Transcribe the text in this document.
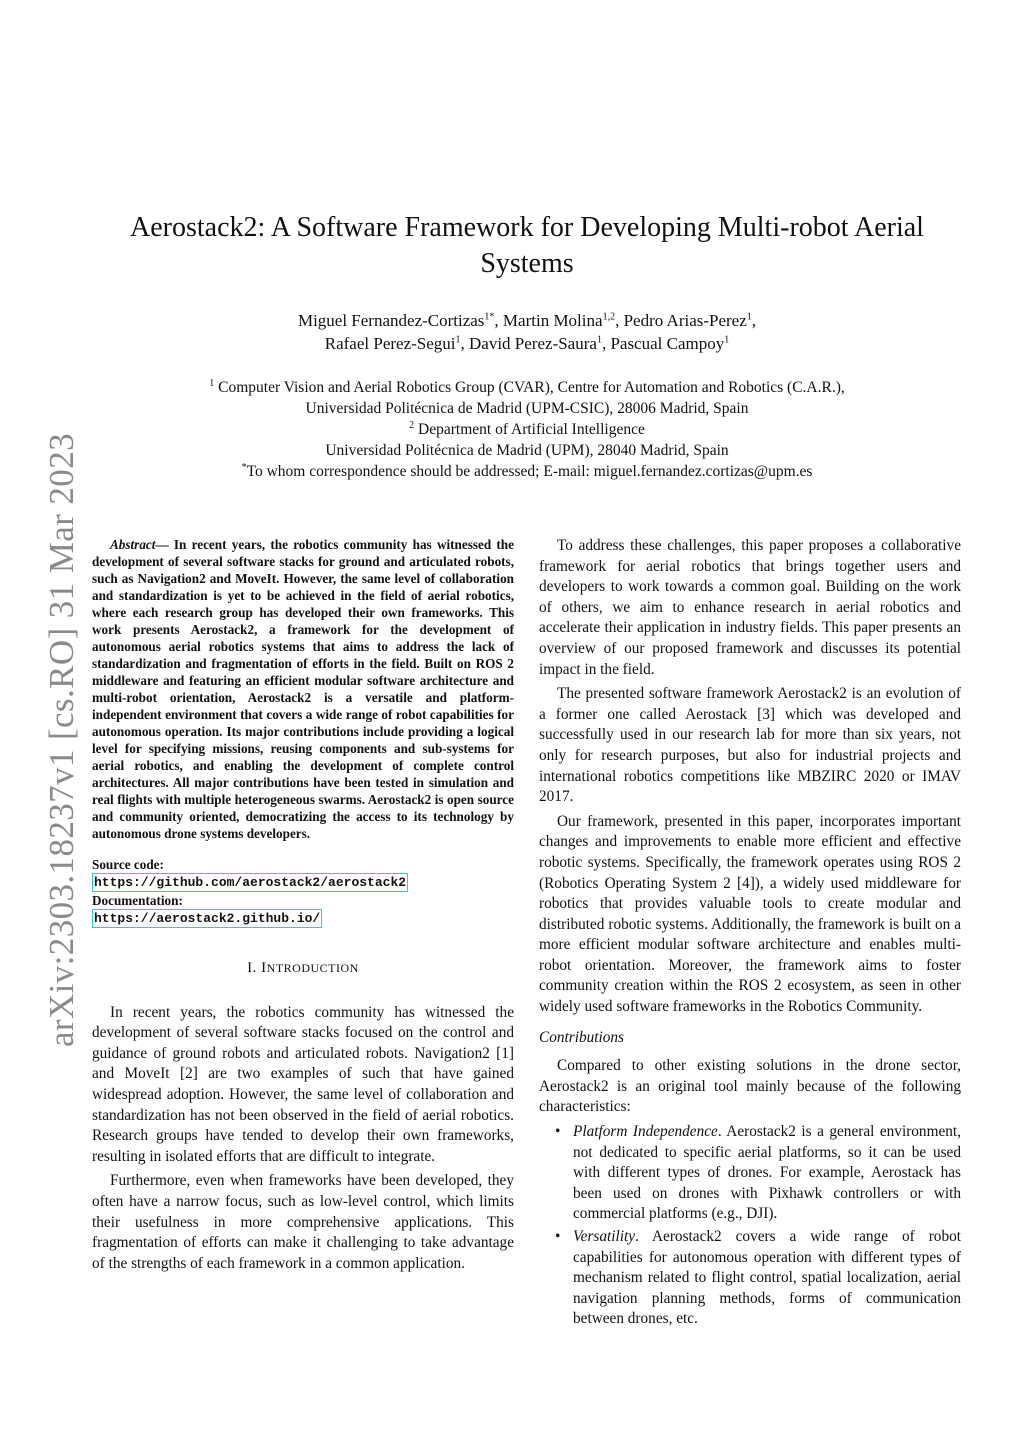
arXiv:2303.18237v1 [cs.RO] 31 Mar 2023
Aerostack2: A Software Framework for Developing Multi-robot Aerial Systems
Miguel Fernandez-Cortizas$^{1*}$, Martin Molina$^{1,2}$, Pedro Arias-Perez$^1$,
Rafael Perez-Segui$^1$, David Perez-Saura$^1$, Pascual Campoy$^1$
$^1$ Computer Vision and Aerial Robotics Group (CVAR), Centre for Automation and Robotics (C.A.R.),
Universidad Politécnica de Madrid (UPM-CSIC), 28006 Madrid, Spain
$^2$ Department of Artificial Intelligence
Universidad Politécnica de Madrid (UPM), 28040 Madrid, Spain
*To whom correspondence should be addressed; E-mail: miguel.fernandez.cortizas@upm.es

Abstract— In recent years, the robotics community has witnessed the development of several software stacks for ground and articulated robots, such as Navigation2 and MoveIt. However, the same level of collaboration and standardization is yet to be achieved in the field of aerial robotics, where each research group has developed their own frameworks. This work presents Aerostack2, a framework for the development of autonomous aerial robotics systems that aims to address the lack of standardization and fragmentation of efforts in the field. Built on ROS 2 middleware and featuring an efficient modular software architecture and multi-robot orientation, Aerostack2 is a versatile and platform-independent environment that covers a wide range of robot capabilities for autonomous operation. Its major contributions include providing a logical level for specifying missions, reusing components and sub-systems for aerial robotics, and enabling the development of complete control architectures. All major contributions have been tested in simulation and real flights with multiple heterogeneous swarms. Aerostack2 is open source and community oriented, democratizing the access to its technology by autonomous drone systems developers.

Source code:
https://github.com/aerostack2/aerostack2
Documentation:
https://aerostack2.github.io/
I. INTRODUCTION

In recent years, the robotics community has witnessed the development of several software stacks focused on the control and guidance of ground robots and articulated robots. Navigation2 [1] and MoveIt [2] are two examples of such that have gained widespread adoption. However, the same level of collaboration and standardization has not been observed in the field of aerial robotics. Research groups have tended to develop their own frameworks, resulting in isolated efforts that are difficult to integrate.

Furthermore, even when frameworks have been developed, they often have a narrow focus, such as low-level control, which limits their usefulness in more comprehensive applications. This fragmentation of efforts can make it challenging to take advantage of the strengths of each framework in a common application.

To address these challenges, this paper proposes a collaborative framework for aerial robotics that brings together users and developers to work towards a common goal. Building on the work of others, we aim to enhance research in aerial robotics and accelerate their application in industry fields. This paper presents an overview of our proposed framework and discusses its potential impact in the field.

The presented software framework Aerostack2 is an evolution of a former one called Aerostack [3] which was developed and successfully used in our research lab for more than six years, not only for research purposes, but also for industrial projects and international robotics competitions like MBZIRC 2020 or IMAV 2017.

Our framework, presented in this paper, incorporates important changes and improvements to enable more efficient and effective robotic systems. Specifically, the framework operates using ROS 2 (Robotics Operating System 2 [4]), a widely used middleware for robotics that provides valuable tools to create modular and distributed robotic systems. Additionally, the framework is built on a more efficient modular software architecture and enables multi-robot orientation. Moreover, the framework aims to foster community creation within the ROS 2 ecosystem, as seen in other widely used software frameworks in the Robotics Community.

Contributions

Compared to other existing solutions in the drone sector, Aerostack2 is an original tool mainly because of the following characteristics:

• Platform Independence. Aerostack2 is a general environment, not dedicated to specific aerial platforms, so it can be used with different types of drones. For example, Aerostack has been used on drones with Pixhawk controllers or with commercial platforms (e.g., DJI).
• Versatility. Aerostack2 covers a wide range of robot capabilities for autonomous operation with different types of mechanism related to flight control, spatial localization, aerial navigation planning methods, forms of communication between drones, etc.
